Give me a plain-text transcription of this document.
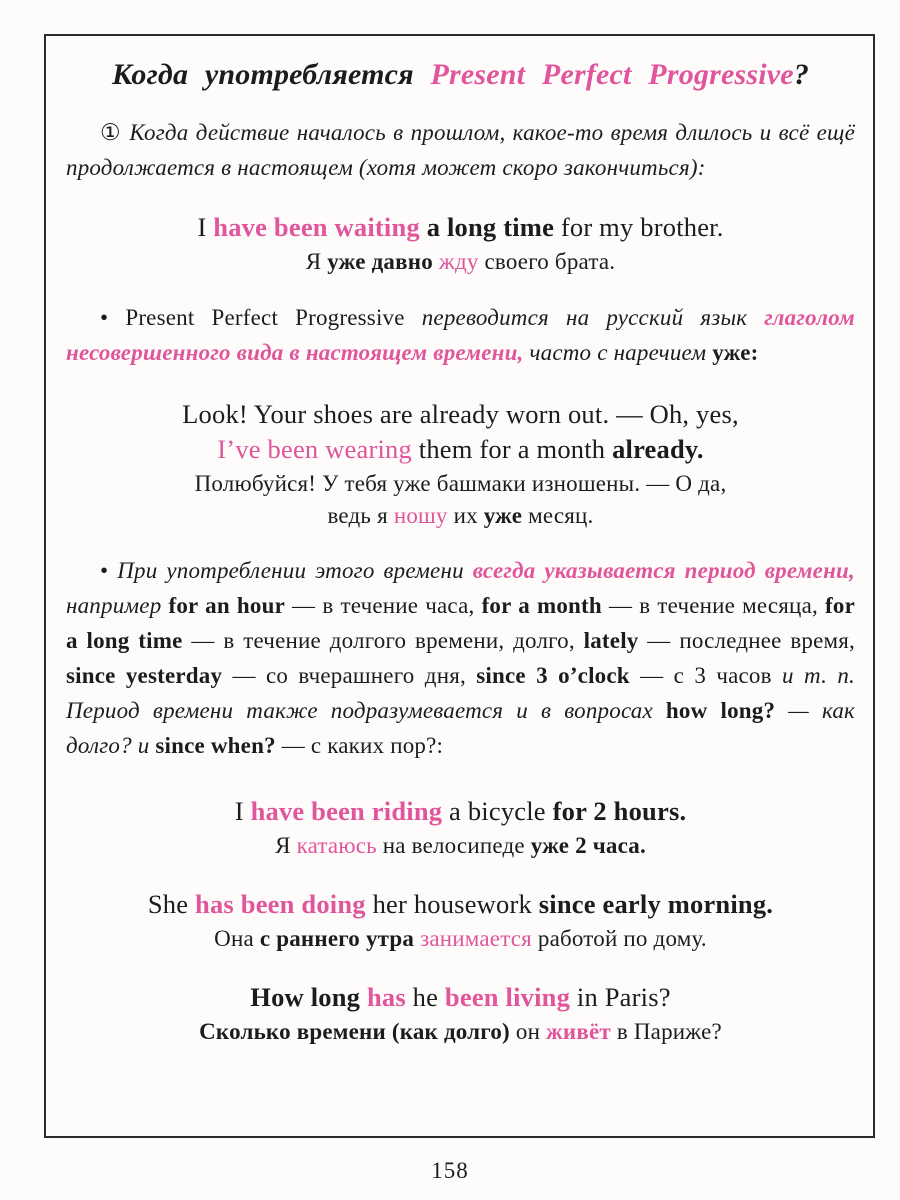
Когда употребляется Present Perfect Progressive?

① Когда действие началось в прошлом, какое-то время длилось и всё ещё продолжается в настоящем (хотя может скоро закончиться):

I have been waiting a long time for my brother.

Я уже давно жду своего брата.

• Present Perfect Progressive переводится на русский язык глаголом несовершенного вида в настоящем времени, часто с наречием уже:

Look! Your shoes are already worn out. — Oh, yes,

I’ve been wearing them for a month already.

Полюбуйся! У тебя уже башмаки изношены. — О да,

ведь я ношу их уже месяц.

• При употреблении этого времени всегда указывается период времени, например for an hour — в течение часа, for a month — в течение месяца, for a long time — в течение долгого времени, долго, lately — последнее время, since yesterday — со вчерашнего дня, since 3 o’clock — с 3 часов и т. п. Период времени также подразумевается и в вопросах how long? — как долго? и since when? — с каких пор?:

I have been riding a bicycle for 2 hours.

Я катаюсь на велосипеде уже 2 часа.

She has been doing her housework since early morning.

Она с раннего утра занимается работой по дому.

How long has he been living in Paris?

Сколько времени (как долго) он живёт в Париже?

158
